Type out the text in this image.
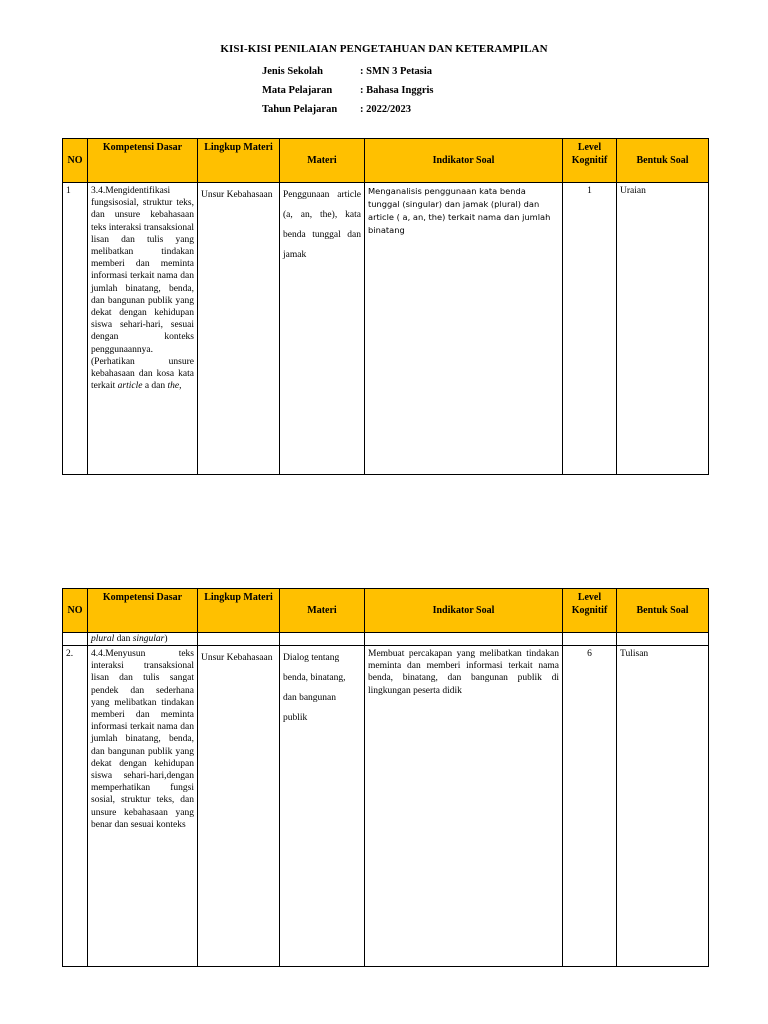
KISI-KISI PENILAIAN PENGETAHUAN DAN KETERAMPILAN
Jenis Sekolah	: SMN 3 Petasia
Mata Pelajaran	: Bahasa Inggris
Tahun Pelajaran : 2022/2023
NO	Kompetensi Dasar	Lingkup Materi	Materi	Indikator Soal	Level Kognitif	Bentuk Soal
1	3.4.Mengidentifikasi fungsisosial, struktur teks, dan unsure kebahasaan teks interaksi transaksional lisan dan tulis yang melibatkan tindakan memberi dan meminta informasi terkait nama dan jumlah binatang, benda, dan bangunan publik yang dekat dengan kehidupan siswa sehari-hari, sesuai dengan konteks penggunaannya. (Perhatikan unsure kebahasaan dan kosa kata terkait article a dan the,	Unsur Kebahasaan	Penggunaan article (a, an, the), kata benda tunggal dan jamak	Menganalisis penggunaan kata benda tunggal (singular) dan jamak (plural) dan article ( a, an, the) terkait nama dan jumlah binatang	1	Uraian
NO	Kompetensi Dasar	Lingkup Materi	Materi	Indikator Soal	Level Kognitif	Bentuk Soal
	plural dan singular)					
2.	4.4.Menyusun teks interaksi transaksional lisan dan tulis sangat pendek dan sederhana yang melibatkan tindakan memberi dan meminta informasi terkait nama dan jumlah binatang, benda, dan bangunan publik yang dekat dengan kehidupan siswa sehari-hari,dengan memperhatikan fungsi sosial, struktur teks, dan unsure kebahasaan yang benar dan sesuai konteks	Unsur Kebahasaan	Dialog tentang benda, binatang, dan bangunan publik	Membuat percakapan yang melibatkan tindakan meminta dan memberi informasi terkait nama benda, binatang, dan bangunan publik di lingkungan peserta didik	6	Tulisan
